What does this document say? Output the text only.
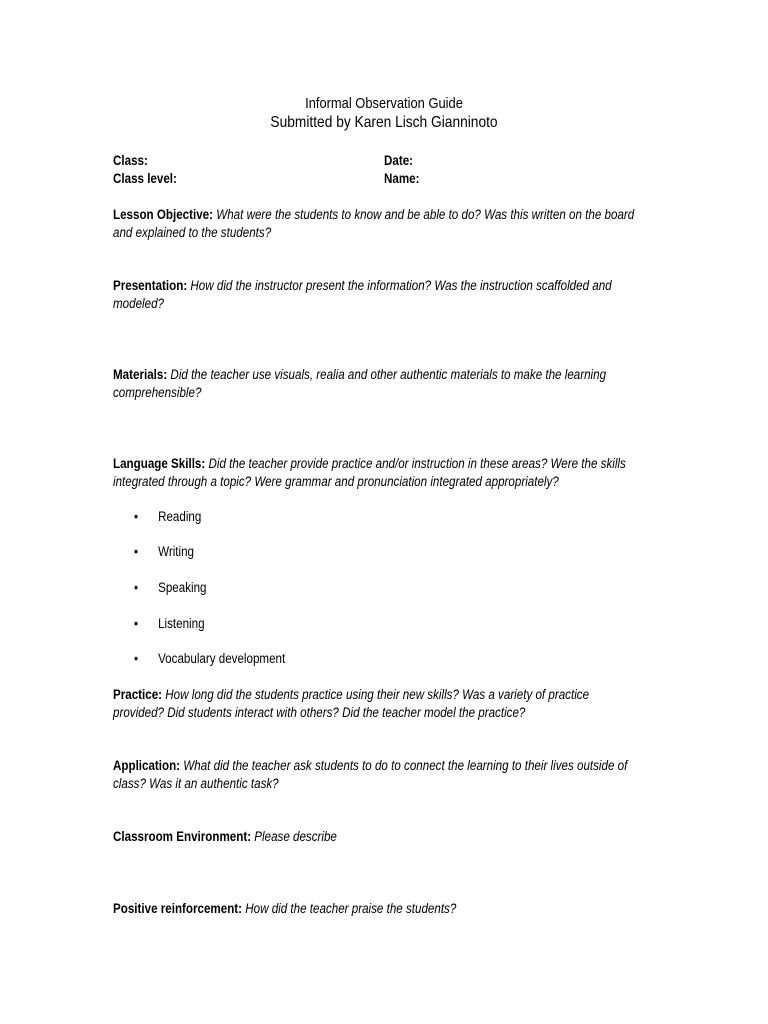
Informal Observation Guide
Submitted by Karen Lisch Gianninoto
Class:
Class level:
Date:
Name:
Lesson Objective: What were the students to know and be able to do? Was this written on the board and explained to the students?
Presentation: How did the instructor present the information? Was the instruction scaffolded and modeled?
Materials: Did the teacher use visuals, realia and other authentic materials to make the learning comprehensible?
Language Skills: Did the teacher provide practice and/or instruction in these areas? Were the skills integrated through a topic? Were grammar and pronunciation integrated appropriately?
• Reading
• Writing
• Speaking
• Listening
• Vocabulary development
Practice: How long did the students practice using their new skills? Was a variety of practice provided? Did students interact with others? Did the teacher model the practice?
Application: What did the teacher ask students to do to connect the learning to their lives outside of class? Was it an authentic task?
Classroom Environment: Please describe
Positive reinforcement: How did the teacher praise the students?
